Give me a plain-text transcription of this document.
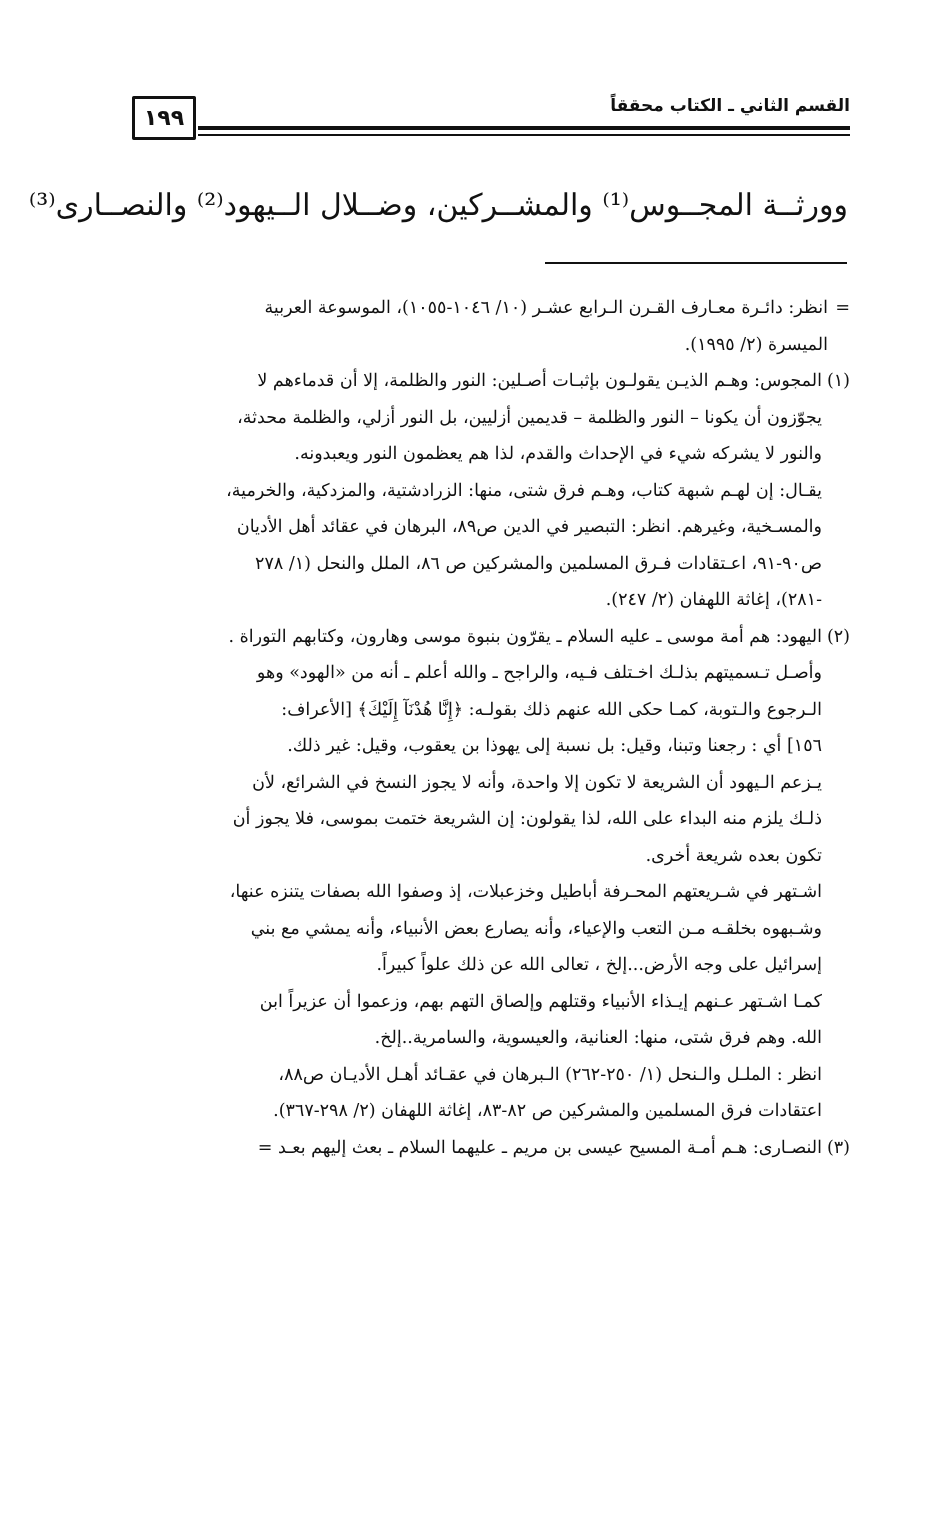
١٩٩	القسم الثاني ـ الكتاب محققاً
وورثــة المجــوس⁽¹⁾ والمشــركين، وضــلال الــيهود⁽²⁾ والنصــارى⁽³⁾
=

انظر: دائـرة معـارف القـرن الـرابع عشـر (١٠/ ١٠٤٦-١٠٥٥)، الموسوعة العربية

الميسرة (٢/ ١٩٩٥).

(١)

المجوس: وهـم الذيـن يقولـون بإثبـات أصـلين: النور والظلمة، إلا أن قدماءهم لا

يجوّزون أن يكونا – النور والظلمة – قديمين أزليين، بل النور أزلي، والظلمة محدثة،

والنور لا يشركه شيء في الإحداث والقدم، لذا هم يعظمون النور ويعبدونه.

يقـال: إن لهـم شبهة كتاب، وهـم فرق شتى، منها: الزرادشتية، والمزدكية، والخرمية،

والمسـخية، وغيرهم. انظر: التبصير في الدين ص٨٩، البرهان في عقائد أهل الأديان

ص٩٠-٩١، اعـتقادات فـرق المسلمين والمشركين ص ٨٦، الملل والنحل (١/ ٢٧٨

-٢٨١)، إغاثة اللهفان (٢/ ٢٤٧).

(٢)

اليهود: هم أمة موسى ـ عليه السلام ـ يقرّون بنبوة موسى وهارون، وكتابهم التوراة .

وأصـل تـسميتهم بذلـك اخـتلف فـيه، والراجح ـ والله أعلم ـ أنه من «الهود» وهو

الـرجوع والـتوبة، كمـا حكى الله عنهم ذلك بقولـه: ﴿إِنَّا هُدْنَآ إِلَيْكَ﴾ [الأعراف:

١٥٦] أي : رجعنا وتبنا، وقيل: بل نسبة إلى يهوذا بن يعقوب، وقيل: غير ذلك.

يـزعم الـيهود أن الشريعة لا تكون إلا واحدة، وأنه لا يجوز النسخ في الشرائع، لأن

ذلـك يلزم منه البداء على الله، لذا يقولون: إن الشريعة ختمت بموسى، فلا يجوز أن

تكون بعده شريعة أخرى.

اشـتهر في شـريعتهم المحـرفة أباطيل وخزعبلات، إذ وصفوا الله بصفات يتنزه عنها،

وشـبهوه بخلقـه مـن التعب والإعياء، وأنه يصارع بعض الأنبياء، وأنه يمشي مع بني

إسرائيل على وجه الأرض...إلخ ، تعالى الله عن ذلك علواً كبيراً.

كمـا اشـتهر عـنهم إيـذاء الأنبياء وقتلهم وإلصاق التهم بهم، وزعموا أن عزيراً ابن

الله. وهم فرق شتى، منها: العنانية، والعيسوية، والسامرية..إلخ.

انظر : الملـل والـنحل (١/ ٢٥٠-٢٦٢) الـبرهان في عقـائد أهـل الأديـان ص٨٨،

اعتقادات فرق المسلمين والمشركين ص ٨٢-٨٣، إغاثة اللهفان (٢/ ٢٩٨-٣٦٧).

(٣)

النصـارى: هـم أمـة المسيح عيسى بن مريم ـ عليهما السلام ـ بعث إليهم بعـد =
